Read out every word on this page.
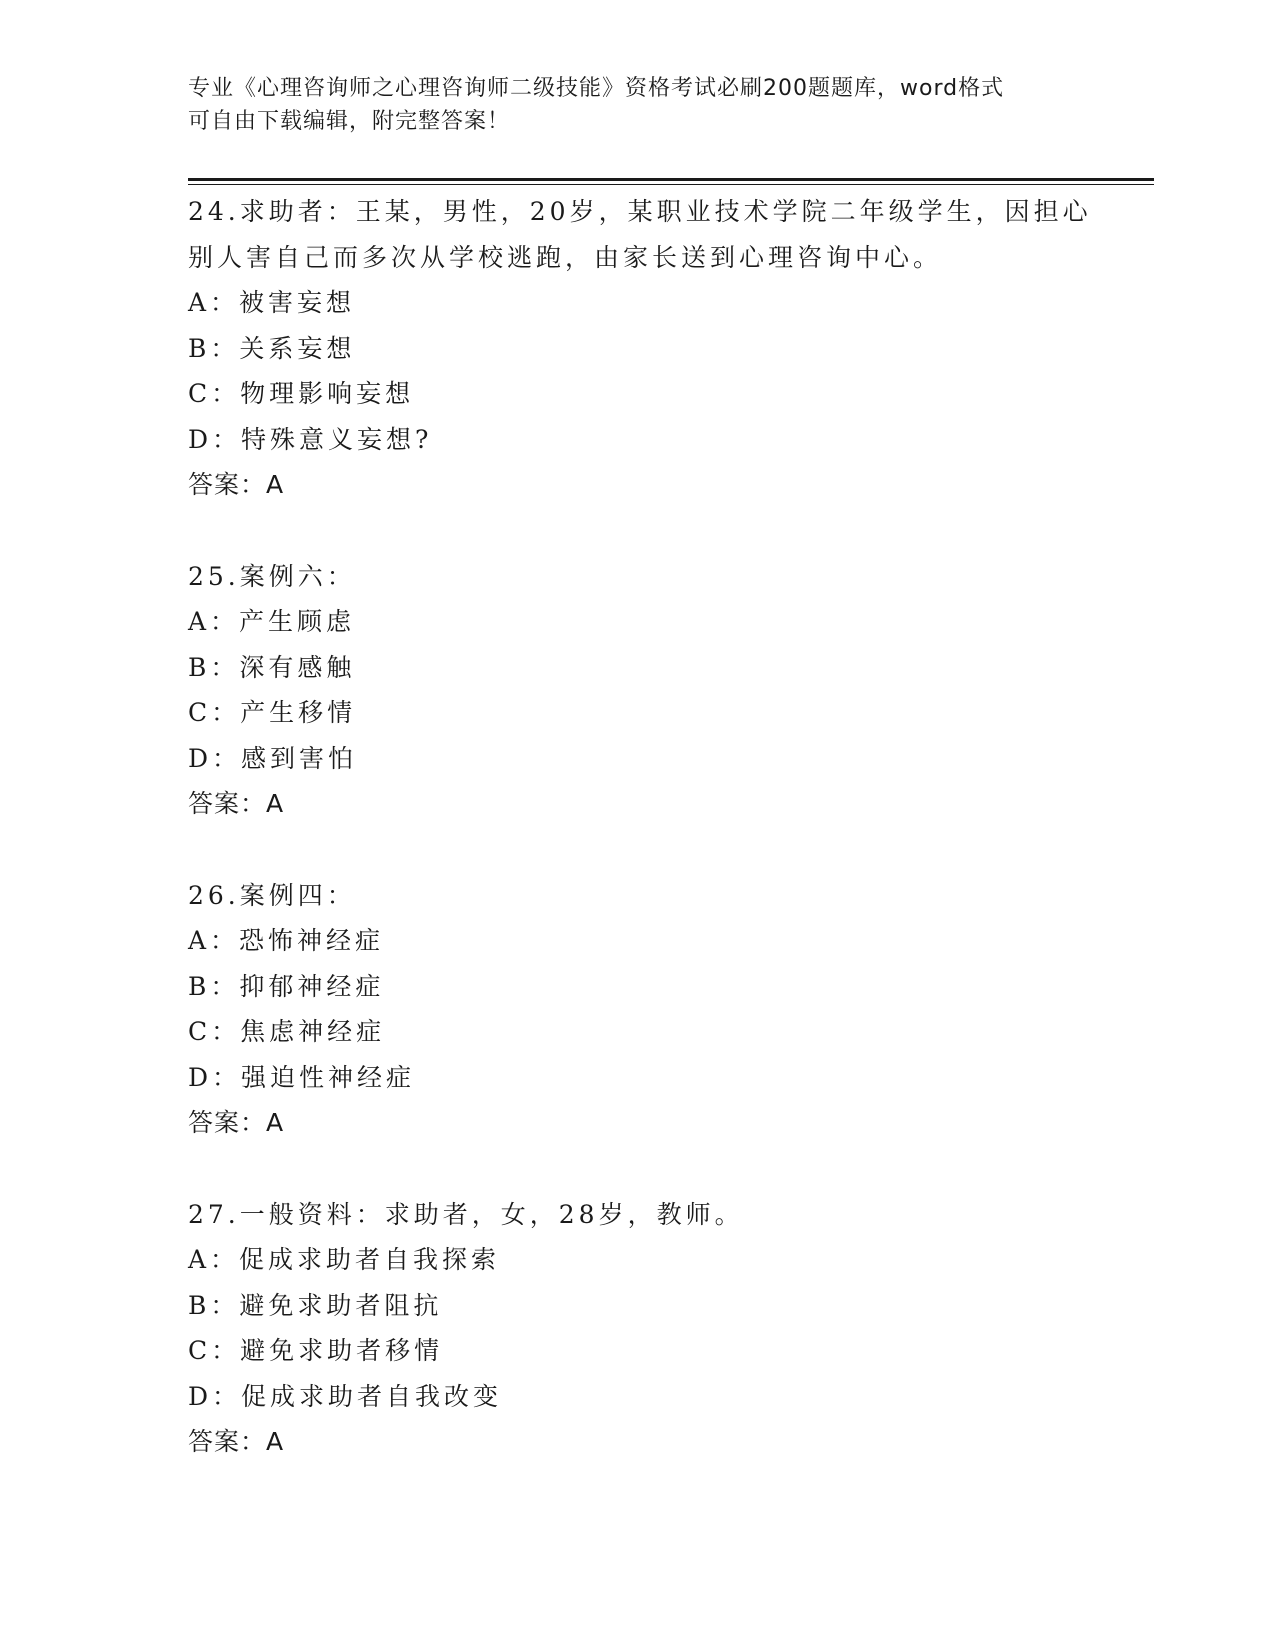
专业《心理咨询师之心理咨询师二级技能》资格考试必刷200题题库，word格式
可自由下载编辑，附完整答案！
24.求助者：王某，男性，20岁，某职业技术学院二年级学生，因担心
别人害自己而多次从学校逃跑，由家长送到心理咨询中心。
A：被害妄想
B：关系妄想
C：物理影响妄想
D：特殊意义妄想?
答案：A
25.案例六：
A：产生顾虑
B：深有感触
C：产生移情
D：感到害怕
答案：A
26.案例四：
A：恐怖神经症
B：抑郁神经症
C：焦虑神经症
D：强迫性神经症
答案：A
27.一般资料：求助者，女，28岁，教师。
A：促成求助者自我探索
B：避免求助者阻抗
C：避免求助者移情
D：促成求助者自我改变
答案：A
